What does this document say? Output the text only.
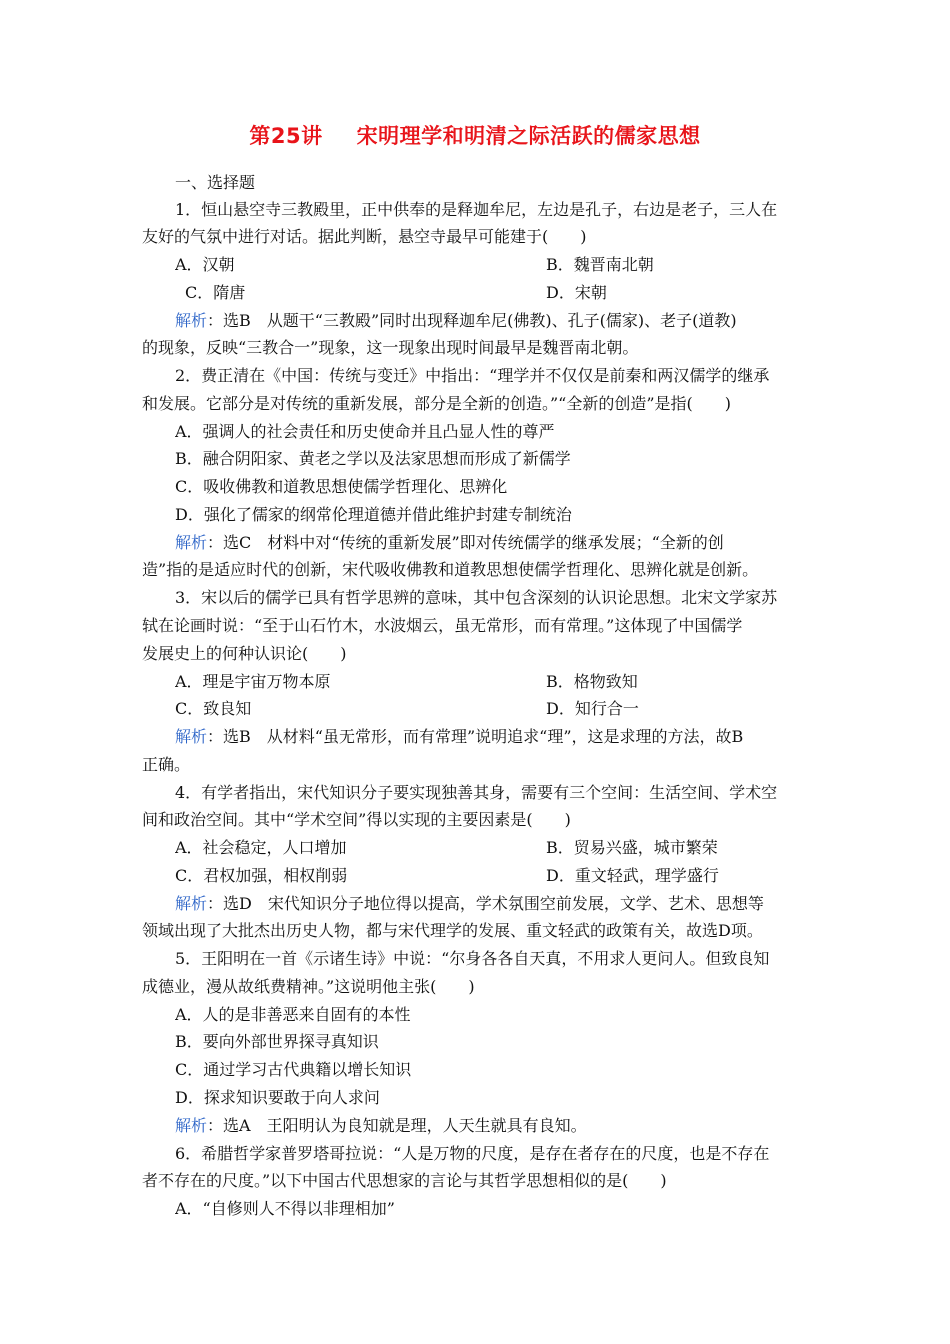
第25讲 宋明理学和明清之际活跃的儒家思想
一、选择题
1．恒山悬空寺三教殿里，正中供奉的是释迦牟尼，左边是孔子，右边是老子，三人在
友好的气氛中进行对话。据此判断，悬空寺最早可能建于(　　)
A．汉朝	B．魏晋南北朝
C．隋唐	D．宋朝
解析：选B　从题干“三教殿”同时出现释迦牟尼(佛教)、孔子(儒家)、老子(道教)
的现象，反映“三教合一”现象，这一现象出现时间最早是魏晋南北朝。
2．费正清在《中国：传统与变迁》中指出：“理学并不仅仅是前秦和两汉儒学的继承
和发展。它部分是对传统的重新发展，部分是全新的创造。”“全新的创造”是指(　　)
A．强调人的社会责任和历史使命并且凸显人性的尊严
B．融合阴阳家、黄老之学以及法家思想而形成了新儒学
C．吸收佛教和道教思想使儒学哲理化、思辨化
D．强化了儒家的纲常伦理道德并借此维护封建专制统治
解析：选C　材料中对“传统的重新发展”即对传统儒学的继承发展；“全新的创
造”指的是适应时代的创新，宋代吸收佛教和道教思想使儒学哲理化、思辨化就是创新。
3．宋以后的儒学已具有哲学思辨的意味，其中包含深刻的认识论思想。北宋文学家苏
轼在论画时说：“至于山石竹木，水波烟云，虽无常形，而有常理。”这体现了中国儒学
发展史上的何种认识论(　　)
A．理是宇宙万物本原	B．格物致知
C．致良知	D．知行合一
解析：选B　从材料“虽无常形，而有常理”说明追求“理”，这是求理的方法，故B
正确。
4．有学者指出，宋代知识分子要实现独善其身，需要有三个空间：生活空间、学术空
间和政治空间。其中“学术空间”得以实现的主要因素是(　　)
A．社会稳定，人口增加	B．贸易兴盛，城市繁荣
C．君权加强，相权削弱	D．重文轻武，理学盛行
解析：选D　宋代知识分子地位得以提高，学术氛围空前发展，文学、艺术、思想等
领域出现了大批杰出历史人物，都与宋代理学的发展、重文轻武的政策有关，故选D项。
5．王阳明在一首《示诸生诗》中说：“尔身各各自天真，不用求人更问人。但致良知
成德业，漫从故纸费精神。”这说明他主张(　　)
A．人的是非善恶来自固有的本性
B．要向外部世界探寻真知识
C．通过学习古代典籍以增长知识
D．探求知识要敢于向人求问
解析：选A　王阳明认为良知就是理，人天生就具有良知。
6．希腊哲学家普罗塔哥拉说：“人是万物的尺度，是存在者存在的尺度，也是不存在
者不存在的尺度。”以下中国古代思想家的言论与其哲学思想相似的是(　　)
A．“自修则人不得以非理相加”
